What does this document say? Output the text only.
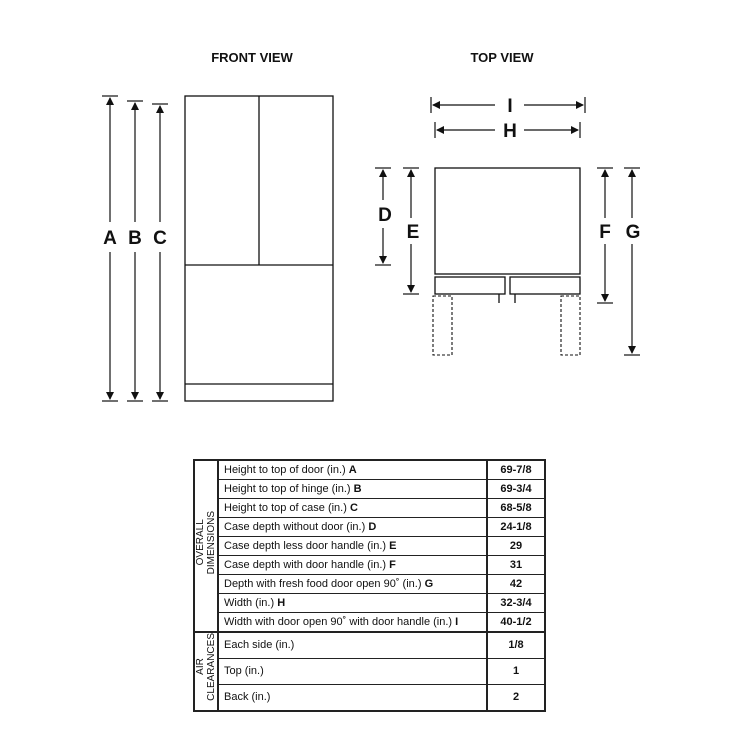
FRONT VIEW
A B C
TOP VIEW
I
H
D
E	F G
OVERALL
DIMENSIONS	Height to top of door (in.) A	69-7/8
	Height to top of hinge (in.) B	69-3/4
	Height to top of case (in.) C	68-5/8
	Case depth without door (in.) D	24-1/8
	Case depth less door handle (in.) E	29
	Case depth with door handle (in.) F	31
	Depth with fresh food door open 90˚ (in.) G	42
	Width (in.) H	32-3/4
	Width with door open 90˚ with door handle (in.) I	40-1/2
AIR
CLEARANCES	Each side (in.)	1/8
	Top (in.)	1
	Back (in.)	2
